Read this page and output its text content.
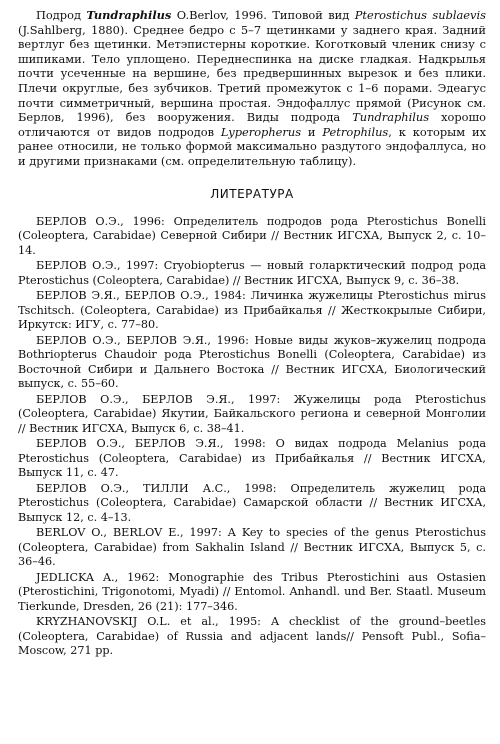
Подрод Tundraphilus O.Berlov, 1996. Типовой вид Pterostichus sublaevis (J.Sahlberg, 1880). Среднее бедро с 5–7 щетинками у заднего края. Задний вертлуг без щетинки. Метэпистерны короткие. Коготковый членик снизу с шипиками. Тело уплощено. Переднеспинка на диске гладкая. Надкрылья почти усеченные на вершине, без предвершинных вырезок и без плики. Плечи округлые, без зубчиков. Третий промежуток с 1–6 порами. Эдеагус почти симметричный, вершина простая. Эндофаллус прямой (Рисунок см. Берлов, 1996), без вооружения. Виды подрода Tundraphilus хорошо отличаются от видов подродов Lyperopherus и Petrophilus, к которым их ранее относили, не только формой максимально раздутого эндофаллуса, но и другими признаками (см. определительную таблицу).

ЛИТЕРАТУРА

БЕРЛОВ О.Э., 1996: Определитель подродов рода Pterostichus Bonelli (Coleoptera, Carabidae) Северной Сибири // Вестник ИГСХА, Выпуск 2, с. 10–14.

БЕРЛОВ О.Э., 1997: Cryobiopterus — новый голарктический подрод рода Pterostichus (Coleoptera, Carabidae) // Вестник ИГСХА, Выпуск 9, с. 36–38.

БЕРЛОВ Э.Я., БЕРЛОВ О.Э., 1984: Личинка жужелицы Pterostichus mirus Tschitsch. (Coleoptera, Carabidae) из Прибайкалья // Жесткокрылые Сибири, Иркутск: ИГУ, с. 77–80.

БЕРЛОВ О.Э., БЕРЛОВ Э.Я., 1996: Новые виды жуков–жужелиц подрода Bothriopterus Chaudoir рода Pterostichus Bonelli (Coleoptera, Carabidae) из Восточной Сибири и Дальнего Востока // Вестник ИГСХА, Биологический выпуск, с. 55–60.

БЕРЛОВ О.Э., БЕРЛОВ Э.Я., 1997: Жужелицы рода Pterostichus (Coleoptera, Carabidae) Якутии, Байкальского региона и северной Монголии // Вестник ИГСХА, Выпуск 6, с. 38–41.

БЕРЛОВ О.Э., БЕРЛОВ Э.Я., 1998: О видах подрода Melanius рода Pterostichus (Coleoptera, Carabidae) из Прибайкалья // Вестник ИГСХА, Выпуск 11, с. 47.

БЕРЛОВ О.Э., ТИЛЛИ А.С., 1998: Определитель жужелиц рода Pterostichus (Coleoptera, Carabidae) Самарской области // Вестник ИГСХА, Выпуск 12, с. 4–13.

BERLOV O., BERLOV E., 1997: A Key to species of the genus Pterostichus (Coleoptera, Carabidae) from Sakhalin Island // Вестник ИГСХА, Выпуск 5, с. 36–46.

JEDLICKA A., 1962: Monographie des Tribus Pterostichini aus Ostasien (Pterostichini, Trigonotomi, Myadi) // Entomol. Anhandl. und Ber. Staatl. Museum Tierkunde, Dresden, 26 (21): 177–346.

KRYZHANOVSKIJ O.L. et al., 1995: A checklist of the ground–beetles (Coleoptera, Carabidae) of Russia and adjacent lands// Pensoft Publ., Sofia–Moscow, 271 pp.
